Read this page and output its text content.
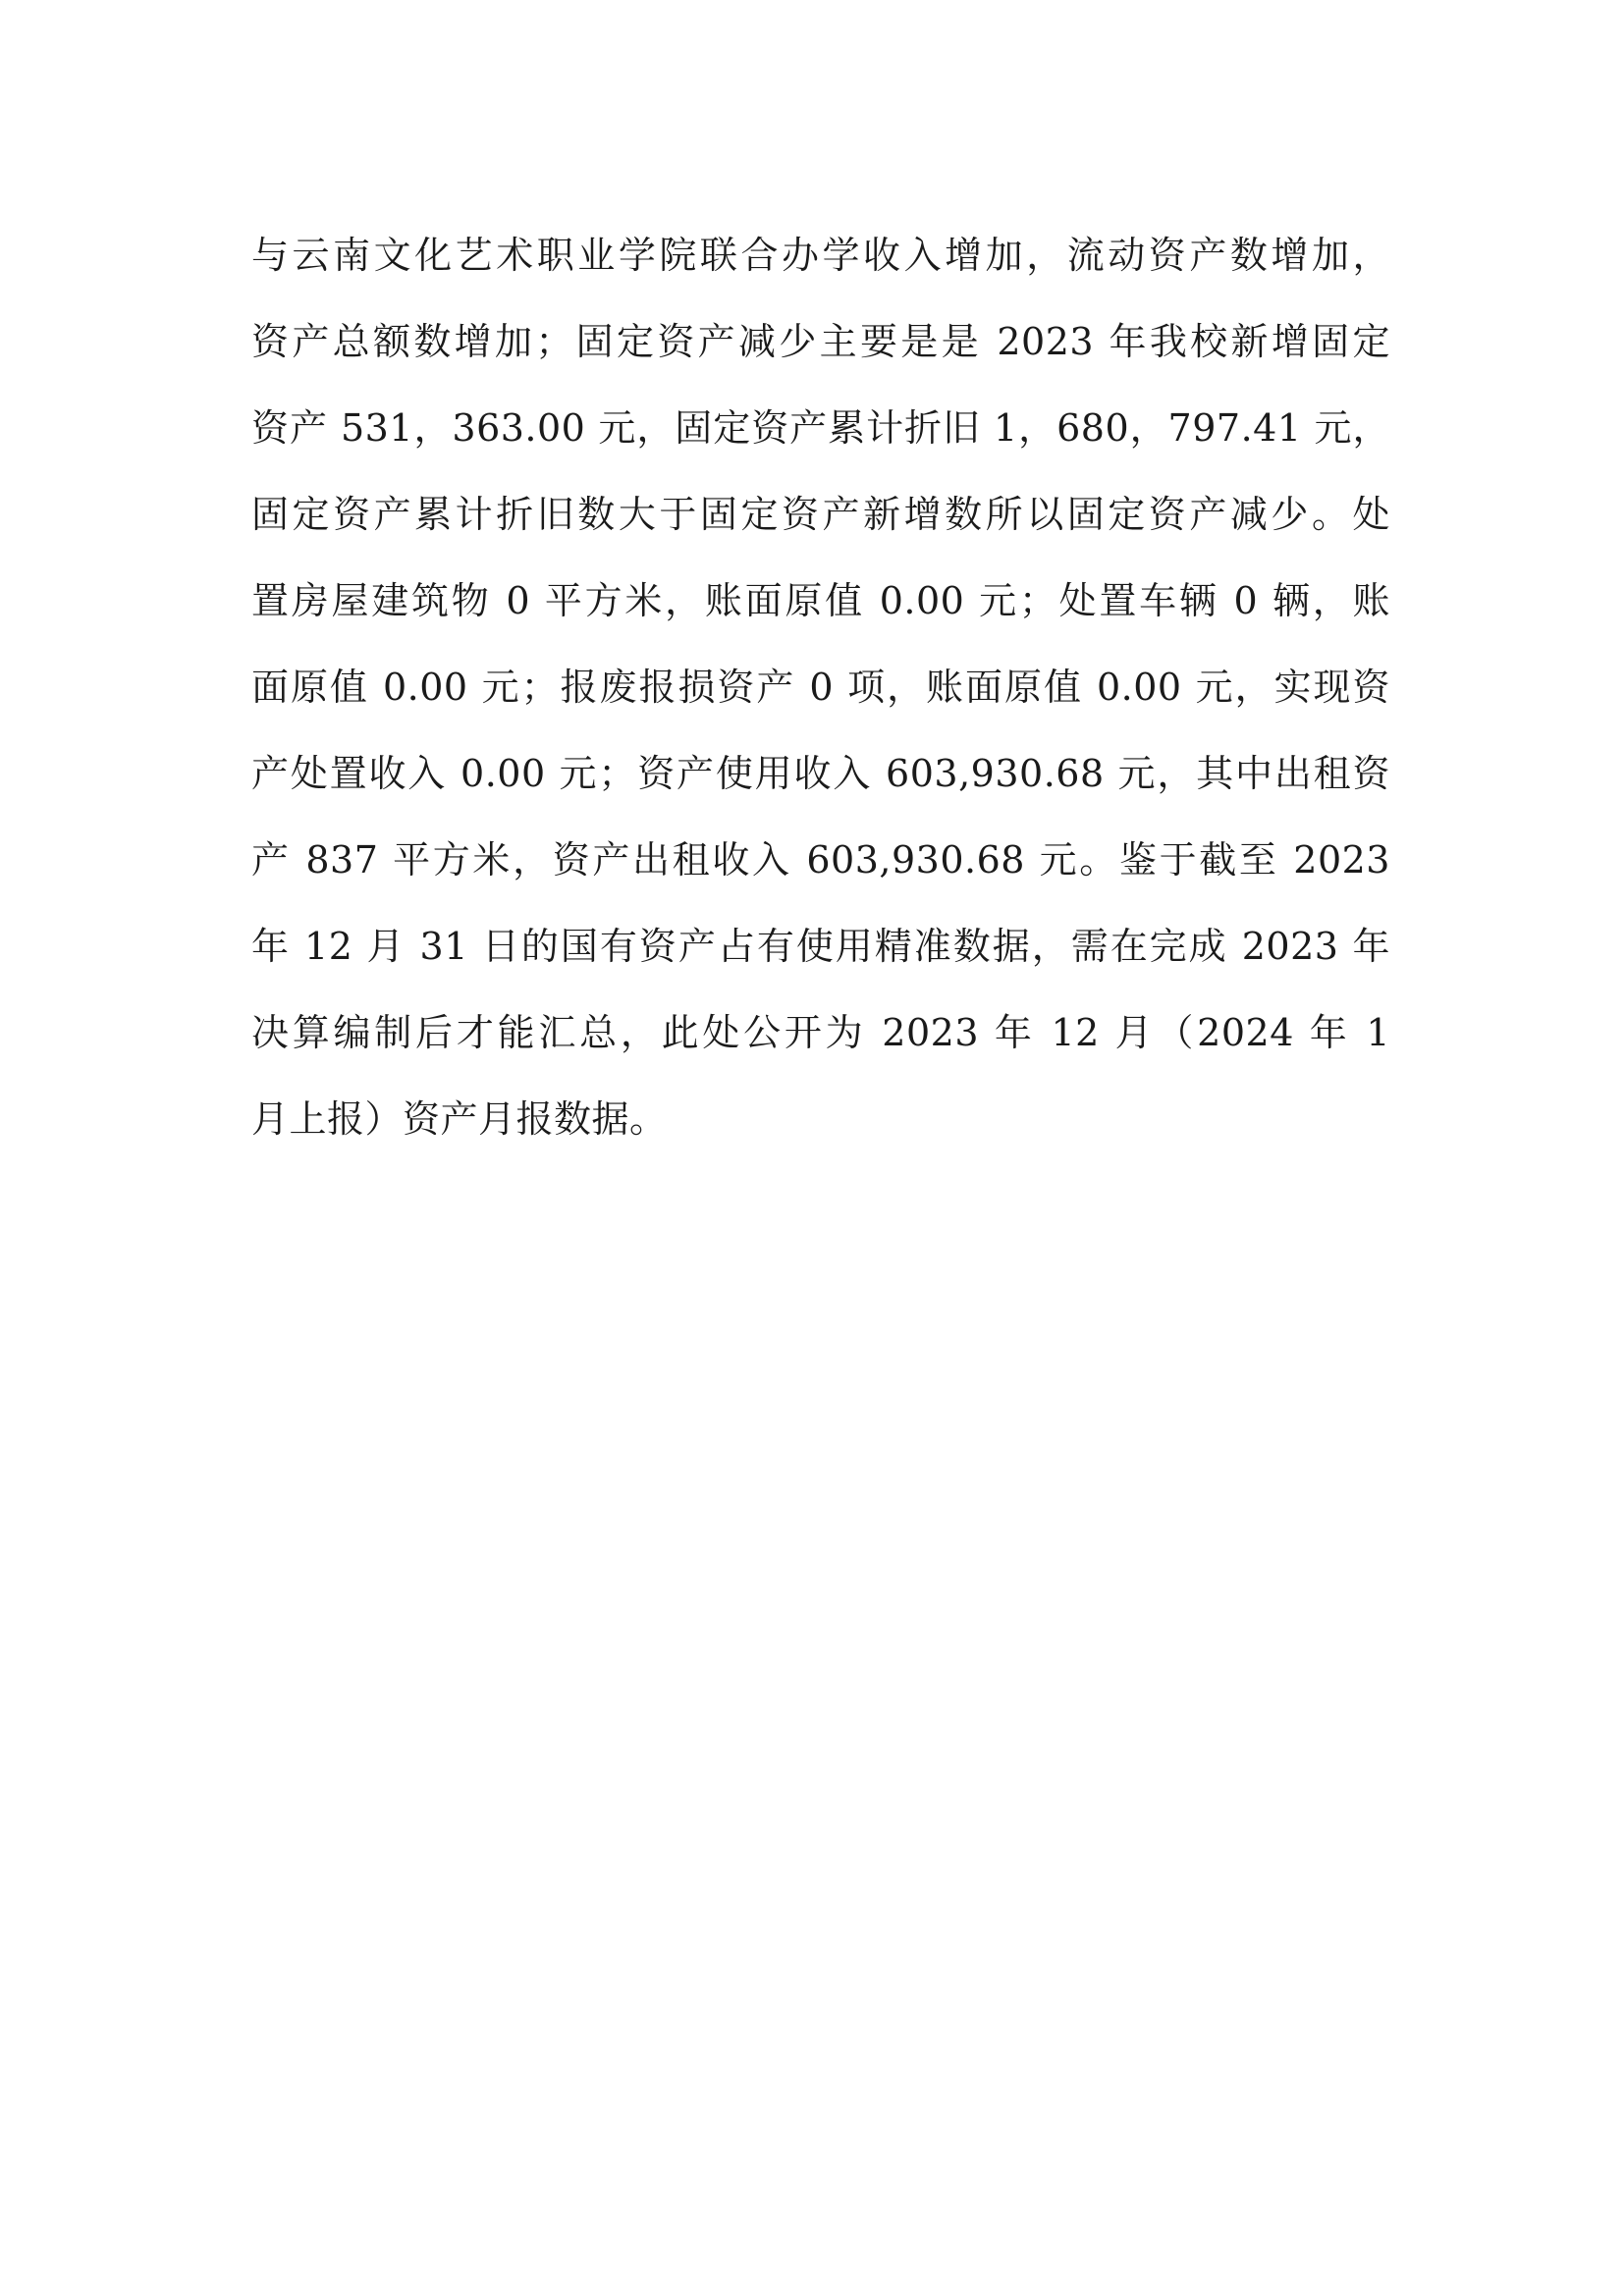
与云南文化艺术职业学院联合办学收入增加，流动资产数增加，
资产总额数增加；固定资产减少主要是是 2023 年我校新增固定
资产 531，363.00 元，固定资产累计折旧 1，680，797.41 元，
固定资产累计折旧数大于固定资产新增数所以固定资产减少。处
置房屋建筑物 0 平方米，账面原值 0.00 元；处置车辆 0 辆，账
面原值 0.00 元；报废报损资产 0 项，账面原值 0.00 元，实现资
产处置收入 0.00 元；资产使用收入 603,930.68 元，其中出租资
产 837 平方米，资产出租收入 603,930.68 元。鉴于截至 2023
年 12 月 31 日的国有资产占有使用精准数据，需在完成 2023 年
决算编制后才能汇总，此处公开为 2023 年 12 月（2024 年 1
月上报）资产月报数据。
